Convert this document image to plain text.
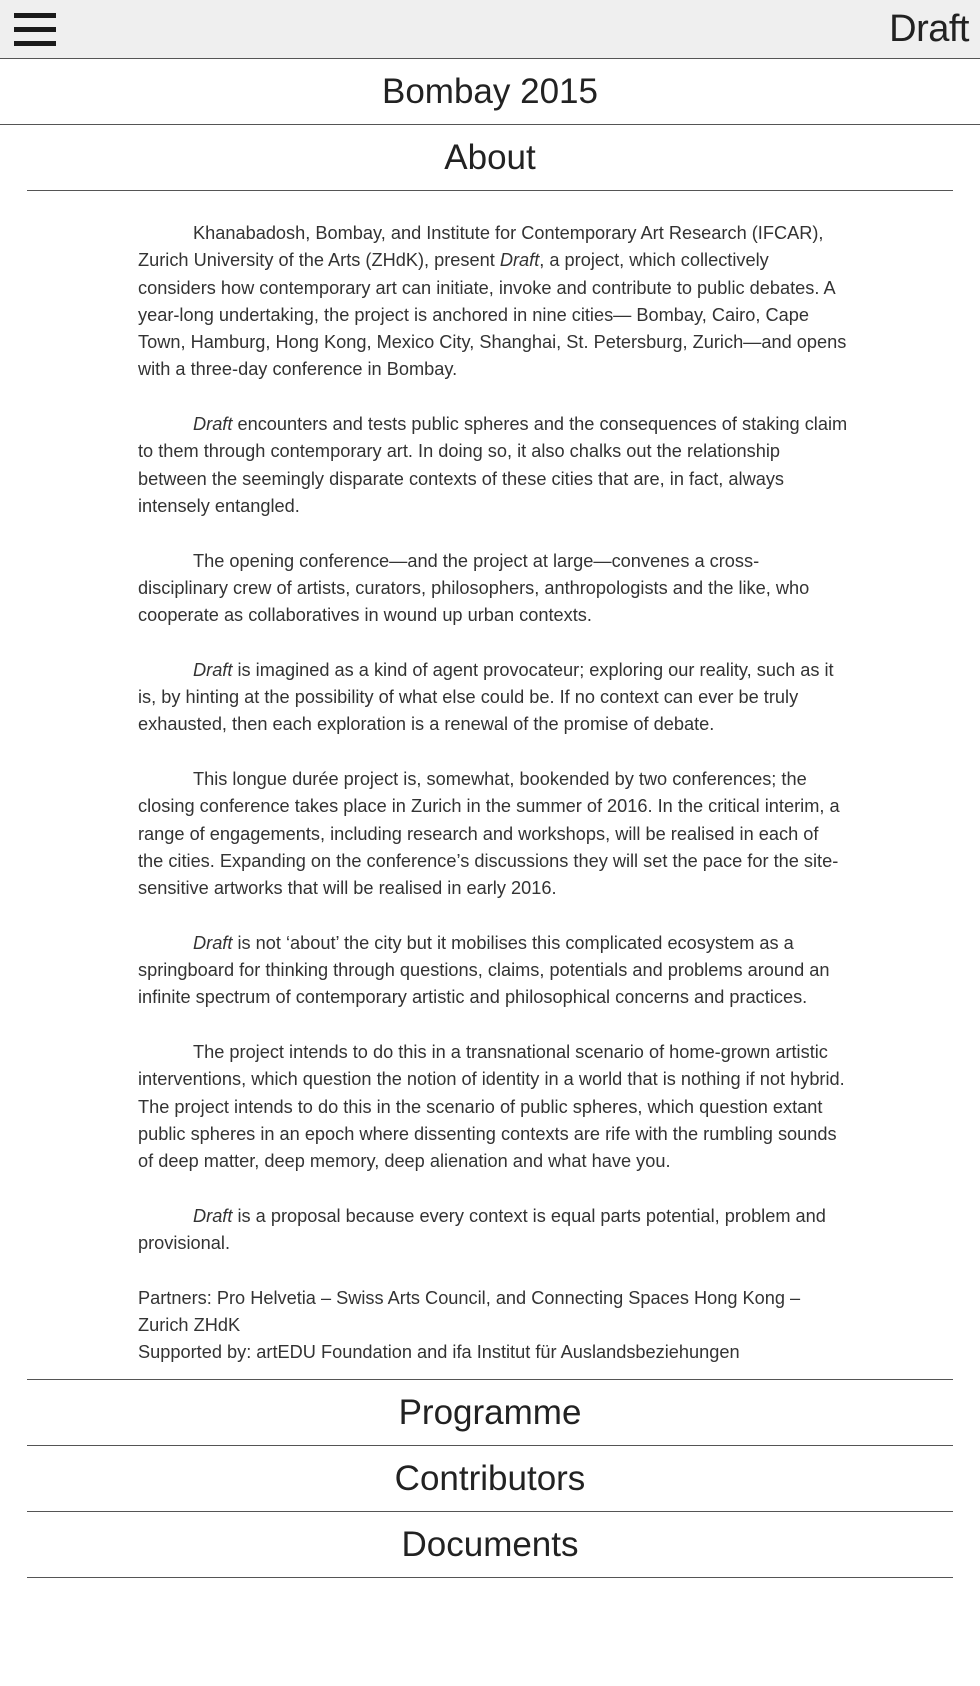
Draft
Bombay 2015
About

Khanabadosh, Bombay, and Institute for Contemporary Art Research (IFCAR), Zurich University of the Arts (ZHdK), present Draft, a project, which collectively considers how contemporary art can initiate, invoke and contribute to public debates. A year-long undertaking, the project is anchored in nine cities— Bombay, Cairo, Cape Town, Hamburg, Hong Kong, Mexico City, Shanghai, St. Petersburg, Zurich—and opens with a three-day conference in Bombay.

Draft encounters and tests public spheres and the consequences of staking claim to them through contemporary art. In doing so, it also chalks out the relationship between the seemingly disparate contexts of these cities that are, in fact, always intensely entangled.

The opening conference—and the project at large—convenes a cross-disciplinary crew of artists, curators, philosophers, anthropologists and the like, who cooperate as collaboratives in wound up urban contexts.

Draft is imagined as a kind of agent provocateur; exploring our reality, such as it is, by hinting at the possibility of what else could be. If no context can ever be truly exhausted, then each exploration is a renewal of the promise of debate.

This longue durée project is, somewhat, bookended by two conferences; the closing conference takes place in Zurich in the summer of 2016. In the critical interim, a range of engagements, including research and workshops, will be realised in each of the cities. Expanding on the conference’s discussions they will set the pace for the site-sensitive artworks that will be realised in early 2016.

Draft is not ‘about’ the city but it mobilises this complicated ecosystem as a springboard for thinking through questions, claims, potentials and problems around an infinite spectrum of contemporary artistic and philosophical concerns and practices.

The project intends to do this in a transnational scenario of home-grown artistic interventions, which question the notion of identity in a world that is nothing if not hybrid. The project intends to do this in the scenario of public spheres, which question extant public spheres in an epoch where dissenting contexts are rife with the rumbling sounds of deep matter, deep memory, deep alienation and what have you.

Draft is a proposal because every context is equal parts potential, problem and provisional.

Partners: Pro Helvetia – Swiss Arts Council, and Connecting Spaces Hong Kong – Zurich ZHdK

Supported by: artEDU Foundation and ifa Institut für Auslandsbeziehungen

Programme
Contributors
Documents
